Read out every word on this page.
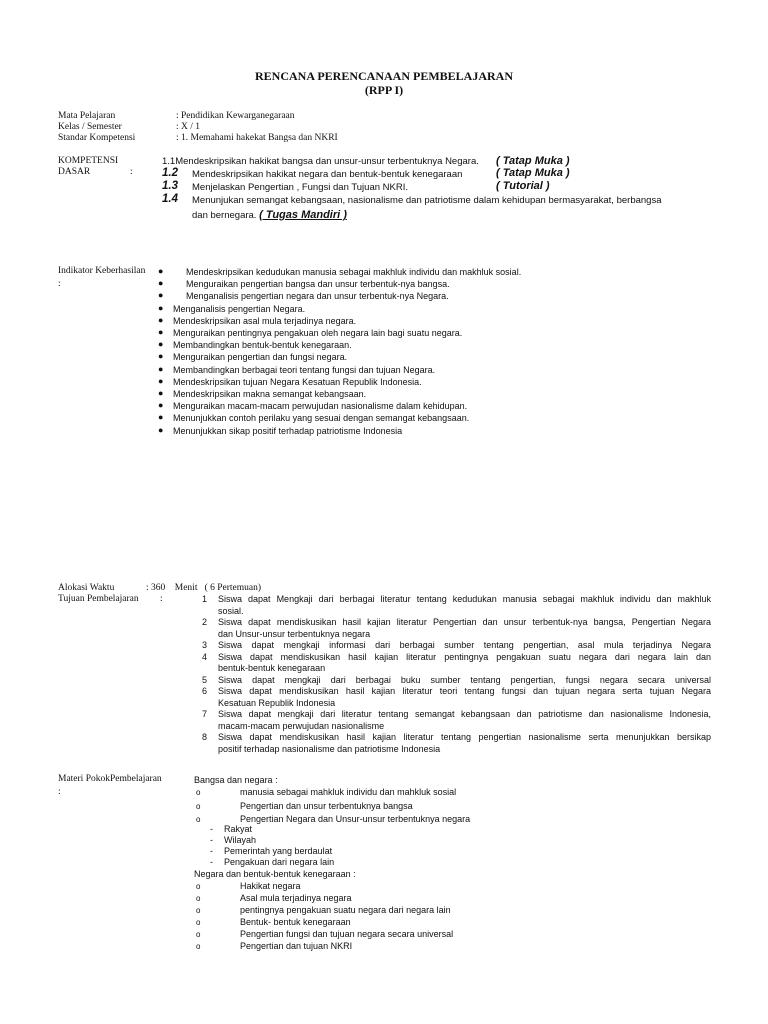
RENCANA PERENCANAAN PEMBELAJARAN
(RPP I)
Mata Pelajaran	: Pendidikan Kewarganegaraan
Kelas / Semester	: X / 1
Standar Kompetensi	: 1. Memahami hakekat Bangsa dan NKRI
KOMPETENSI
DASAR	:
1.1Mendeskripsikan hakikat bangsa dan unsur-unsur terbentuknya Negara. ( Tatap Muka )
1.2 Mendeskripsikan hakikat negara dan bentuk-bentuk kenegaraan	( Tatap Muka )
1.3 Menjelaskan Pengertian , Fungsi dan Tujuan NKRI.	( Tutorial )
1.4 Menunjukan semangat kebangsaan, nasionalisme dan patriotisme dalam kehidupan bermasyarakat, berbangsa
dan bernegara. ( Tugas Mandiri )
Indikator Keberhasilan
:
●	Mendeskripsikan kedudukan manusia sebagai makhluk individu dan makhluk sosial.
●	Menguraikan pengertian bangsa dan unsur terbentuk-nya bangsa.
●	Menganalisis pengertian negara dan unsur terbentuk-nya Negara.
● Menganalisis pengertian Negara.
● Mendeskripsikan asal mula terjadinya negara.
● Menguraikan pentingnya pengakuan oleh negara lain bagi suatu negara.
● Membandingkan bentuk-bentuk kenegaraan.
● Menguraikan pengertian dan fungsi negara.
● Membandingkan berbagai teori tentang fungsi dan tujuan Negara.
● Mendeskripsikan tujuan Negara Kesatuan Republik Indonesia.
● Mendeskripsikan makna semangat kebangsaan.
● Menguraikan macam-macam perwujudan nasionalisme dalam kehidupan.
● Menunjukkan contoh perilaku yang sesuai dengan semangat kebangsaan.
● Menunjukkan sikap positif terhadap patriotisme Indonesia
Alokasi Waktu	: 360    Menit   ( 6 Pertemuan)
Tujuan Pembelajaran :	1 Siswa dapat Mengkaji dari berbagai literatur tentang kedudukan manusia sebagai makhluk individu dan makhluk
sosial.
2 Siswa dapat mendiskusikan hasil kajian literatur Pengertian dan unsur terbentuk-nya bangsa, Pengertian Negara
dan Unsur-unsur terbentuknya negara
3 Siswa dapat mengkaji informasi dari berbagai sumber tentang pengertian, asal mula terjadinya Negara
4 Siswa dapat mendiskusikan hasil kajian literatur pentingnya pengakuan suatu negara dari negara lain dan
bentuk-bentuk kenegaraan
5 Siswa dapat mengkaji dari berbagai buku sumber tentang pengertian, fungsi negara secara universal
6 Siswa dapat mendiskusikan hasil kajian literatur teori tentang fungsi dan tujuan negara serta tujuan Negara
Kesatuan Republik Indonesia
7 Siswa dapat mengkaji dari literatur tentang semangat kebangsaan dan patriotisme dan nasionalisme Indonesia,
macam-macam perwujudan nasionalisme
8 Siswa dapat mendiskusikan hasil kajian literatur tentang pengertian nasionalisme serta menunjukkan bersikap
positif terhadap nasionalisme dan patriotisme Indonesia
Materi PokokPembelajaran
:
Bangsa dan negara :
o	manusia sebagai mahkluk individu dan mahkluk sosial
o	Pengertian dan unsur terbentuknya bangsa
o	Pengertian Negara dan Unsur-unsur terbentuknya negara
- Rakyat
- Wilayah
- Pemerintah yang berdaulat
- Pengakuan dari negara lain
Negara dan bentuk-bentuk kenegaraan :
o	Hakikat negara
o	Asal mula terjadinya negara
o	pentingnya pengakuan suatu negara dari negara lain
o	Bentuk- bentuk kenegaraan
o	Pengertian fungsi dan tujuan negara secara universal
o	Pengertian dan tujuan NKRI
